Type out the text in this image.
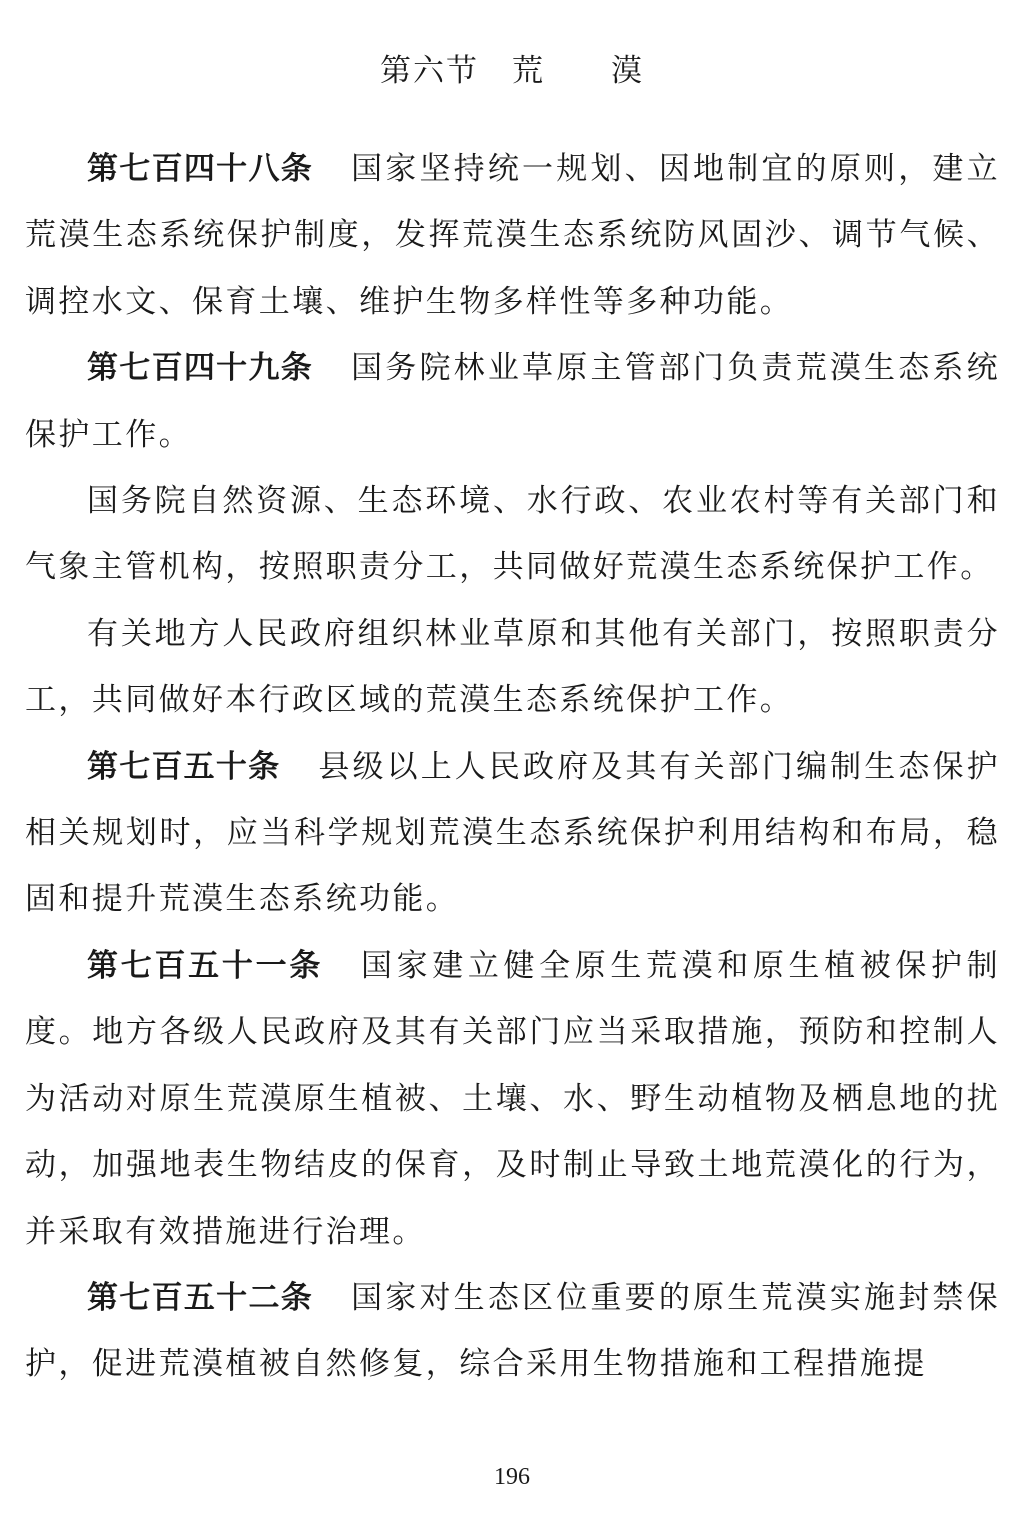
第六节　荒　　漠

第七百四十八条 国家坚持统一规划、因地制宜的原则，建立荒漠生态系统保护制度，发挥荒漠生态系统防风固沙、调节气候、调控水文、保育土壤、维护生物多样性等多种功能。

第七百四十九条 国务院林业草原主管部门负责荒漠生态系统保护工作。

国务院自然资源、生态环境、水行政、农业农村等有关部门和气象主管机构，按照职责分工，共同做好荒漠生态系统保护工作。

有关地方人民政府组织林业草原和其他有关部门，按照职责分工，共同做好本行政区域的荒漠生态系统保护工作。

第七百五十条 县级以上人民政府及其有关部门编制生态保护相关规划时，应当科学规划荒漠生态系统保护利用结构和布局，稳固和提升荒漠生态系统功能。

第七百五十一条 国家建立健全原生荒漠和原生植被保护制度。地方各级人民政府及其有关部门应当采取措施，预防和控制人为活动对原生荒漠原生植被、土壤、水、野生动植物及栖息地的扰动，加强地表生物结皮的保育，及时制止导致土地荒漠化的行为，并采取有效措施进行治理。

第七百五十二条 国家对生态区位重要的原生荒漠实施封禁保护，促进荒漠植被自然修复，综合采用生物措施和工程措施提

196
